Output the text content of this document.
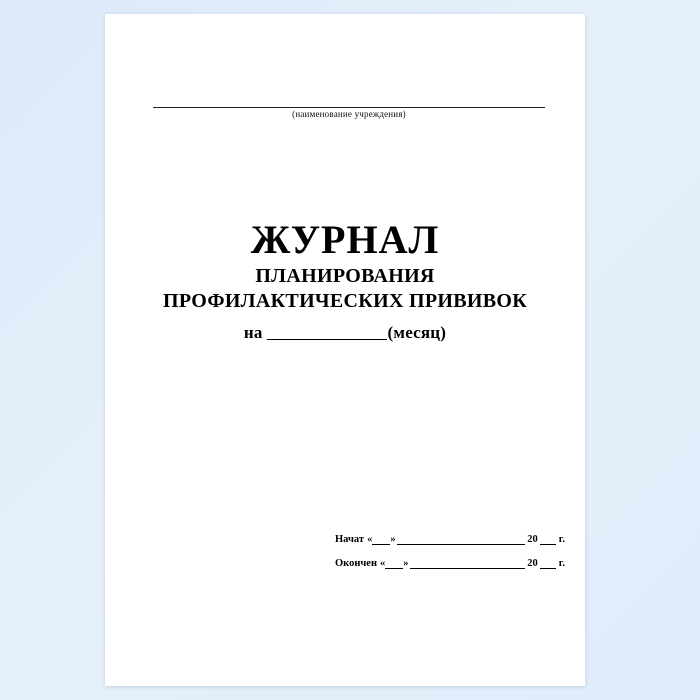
(наименование учреждения)
ЖУРНАЛ
ПЛАНИРОВАНИЯ
ПРОФИЛАКТИЧЕСКИХ ПРИВИВОК
на	(месяц)
Начат « »	20 г.
Окончен « »	20 г.
